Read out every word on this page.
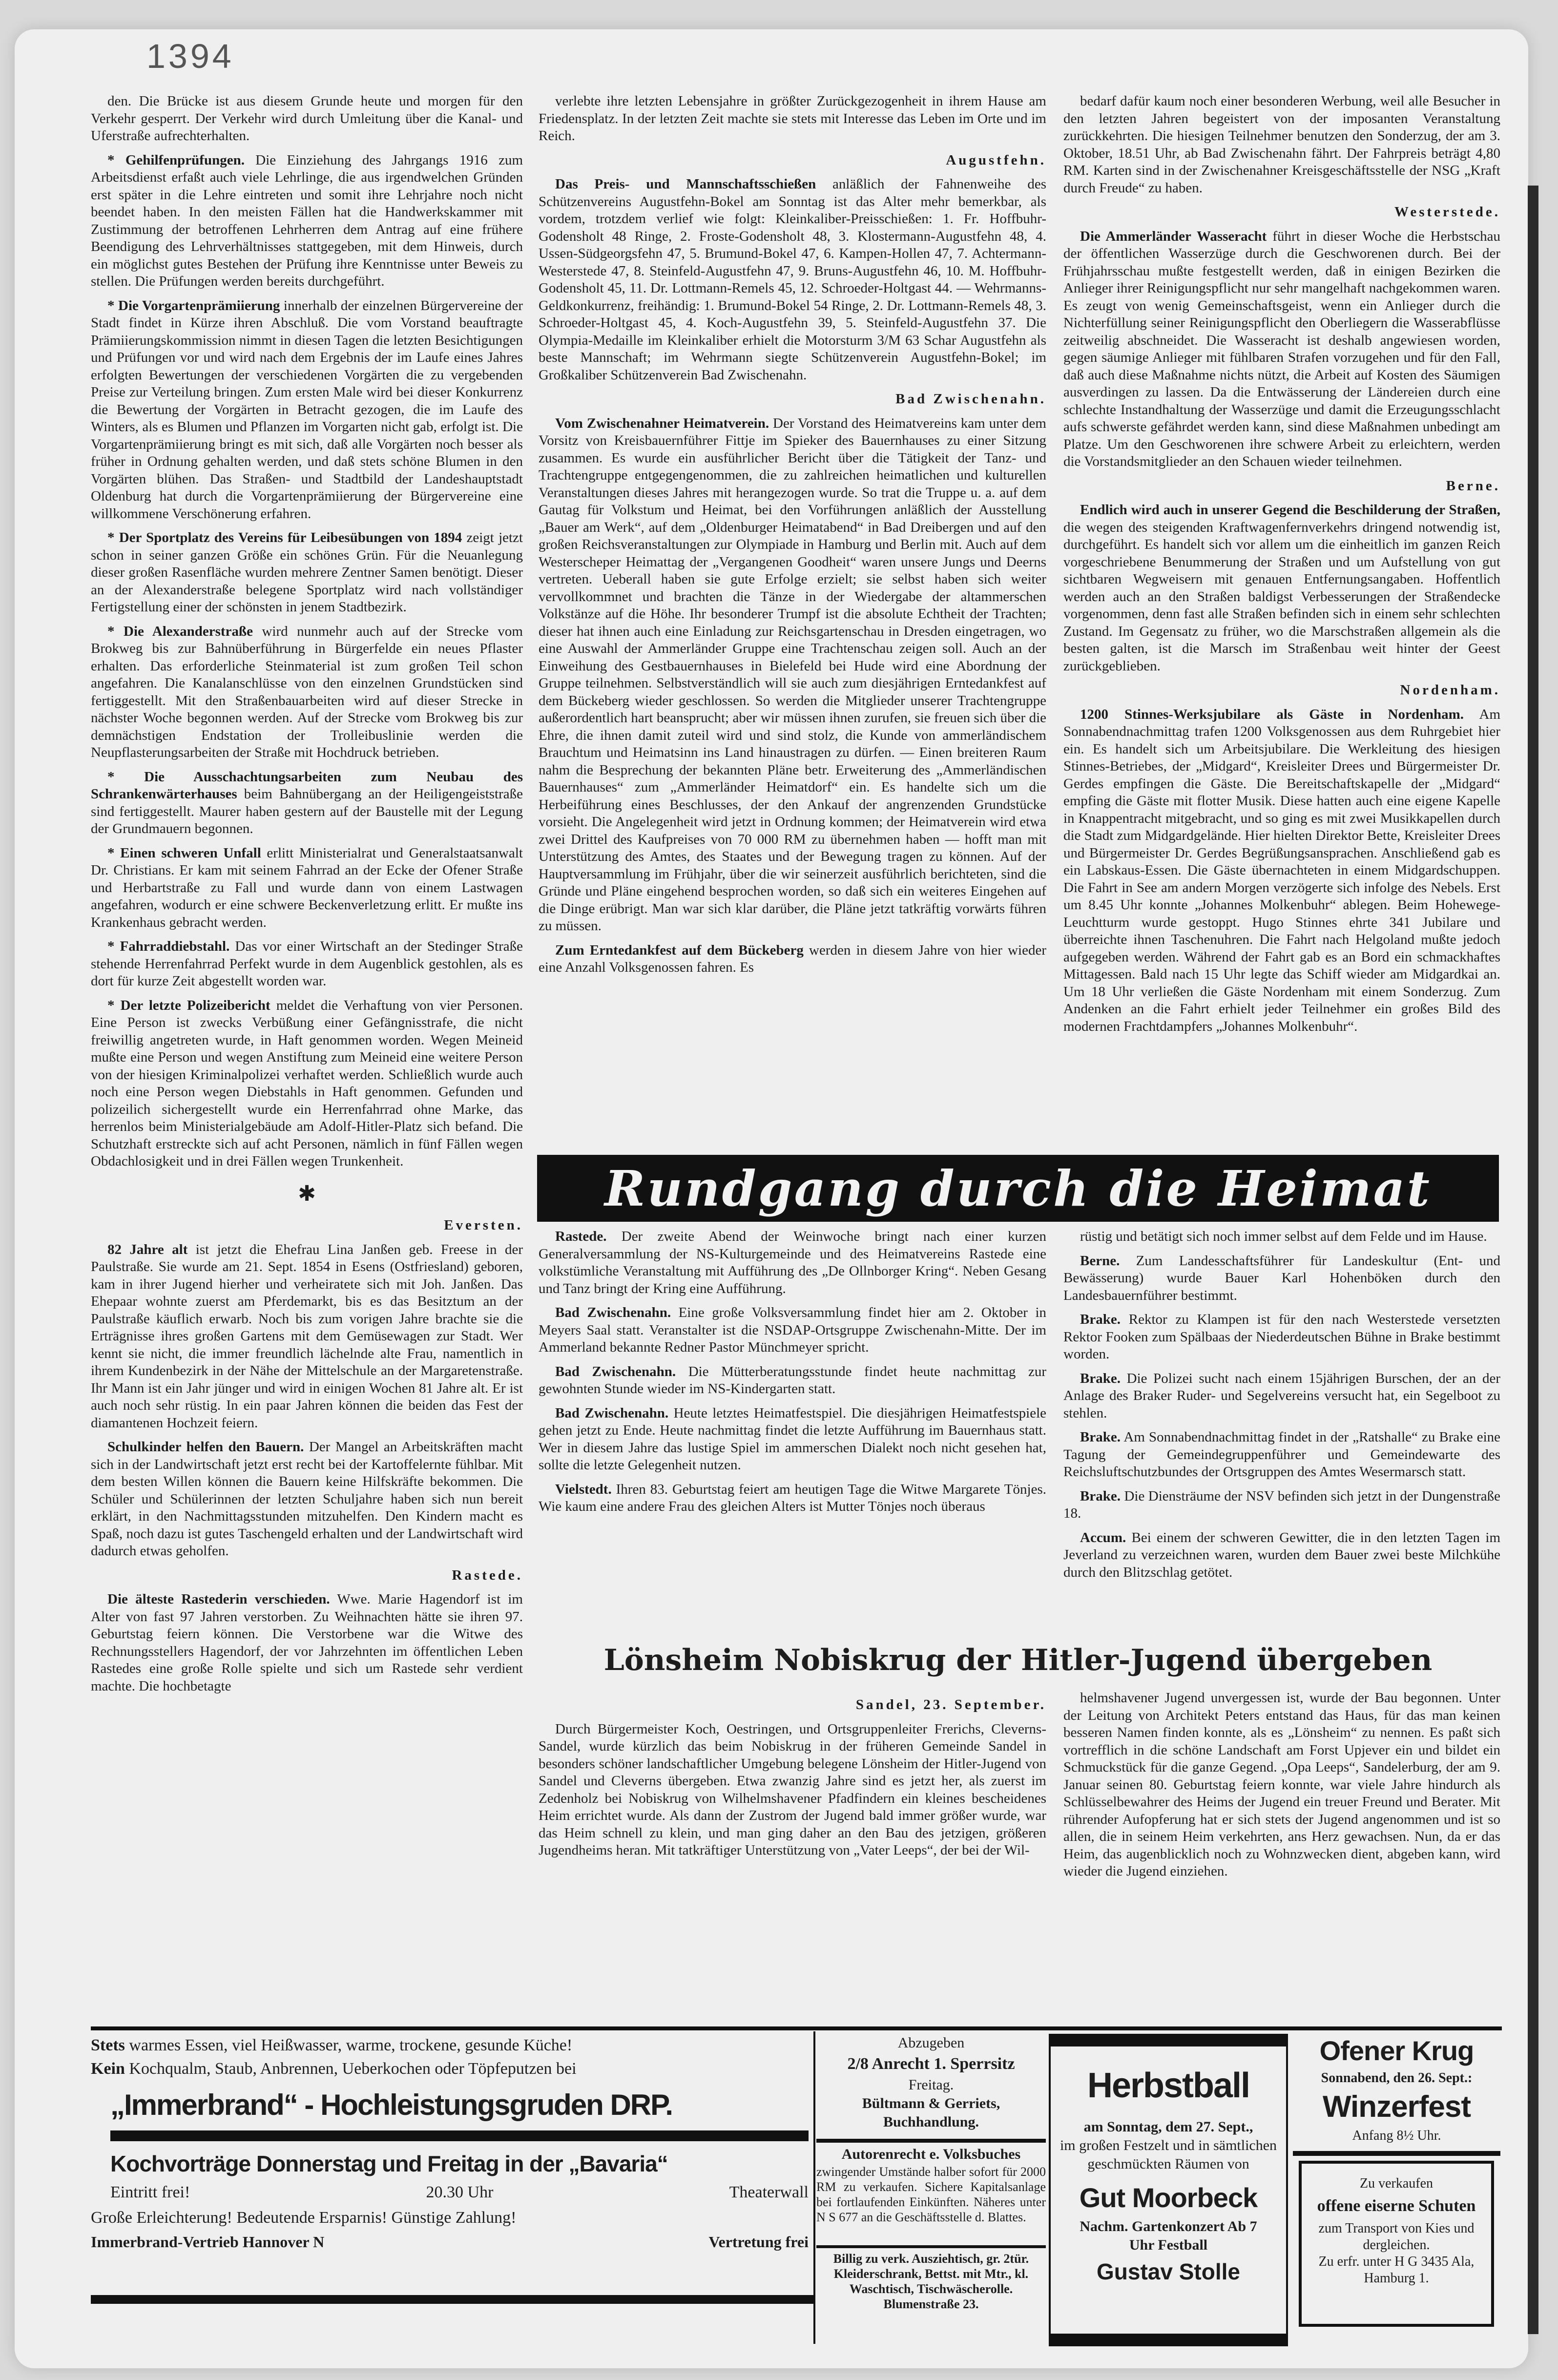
1394

den. Die Brücke ist aus diesem Grunde heute und morgen für den Verkehr gesperrt. Der Verkehr wird durch Umleitung über die Kanal- und Uferstraße aufrechterhalten.

* Gehilfenprüfungen. Die Einziehung des Jahrgangs 1916 zum Arbeitsdienst erfaßt auch viele Lehrlinge, die aus irgendwelchen Gründen erst später in die Lehre eintreten und somit ihre Lehrjahre noch nicht beendet haben. In den meisten Fällen hat die Handwerkskammer mit Zustimmung der betroffenen Lehrherren dem Antrag auf eine frühere Beendigung des Lehrverhältnisses stattgegeben, mit dem Hinweis, durch ein möglichst gutes Bestehen der Prüfung ihre Kenntnisse unter Beweis zu stellen. Die Prüfungen werden bereits durchgeführt.

* Die Vorgartenprämiierung innerhalb der einzelnen Bürgervereine der Stadt findet in Kürze ihren Abschluß. Die vom Vorstand beauftragte Prämiierungskommission nimmt in diesen Tagen die letzten Besichtigungen und Prüfungen vor und wird nach dem Ergebnis der im Laufe eines Jahres erfolgten Bewertungen der verschiedenen Vorgärten die zu vergebenden Preise zur Verteilung bringen. Zum ersten Male wird bei dieser Konkurrenz die Bewertung der Vorgärten in Betracht gezogen, die im Laufe des Winters, als es Blumen und Pflanzen im Vorgarten nicht gab, erfolgt ist. Die Vorgartenprämiierung bringt es mit sich, daß alle Vorgärten noch besser als früher in Ordnung gehalten werden, und daß stets schöne Blumen in den Vorgärten blühen. Das Straßen- und Stadtbild der Landeshauptstadt Oldenburg hat durch die Vorgartenprämiierung der Bürgervereine eine willkommene Verschönerung erfahren.

* Der Sportplatz des Vereins für Leibesübungen von 1894 zeigt jetzt schon in seiner ganzen Größe ein schönes Grün. Für die Neuanlegung dieser großen Rasenfläche wurden mehrere Zentner Samen benötigt. Dieser an der Alexanderstraße belegene Sportplatz wird nach vollständiger Fertigstellung einer der schönsten in jenem Stadtbezirk.

* Die Alexanderstraße wird nunmehr auch auf der Strecke vom Brokweg bis zur Bahnüberführung in Bürgerfelde ein neues Pflaster erhalten. Das erforderliche Steinmaterial ist zum großen Teil schon angefahren. Die Kanalanschlüsse von den einzelnen Grundstücken sind fertiggestellt. Mit den Straßenbauarbeiten wird auf dieser Strecke in nächster Woche begonnen werden. Auf der Strecke vom Brokweg bis zur demnächstigen Endstation der Trolleibuslinie werden die Neupflasterungsarbeiten der Straße mit Hochdruck betrieben.

* Die Ausschachtungsarbeiten zum Neubau des Schrankenwärterhauses beim Bahnübergang an der Heiligengeiststraße sind fertiggestellt. Maurer haben gestern auf der Baustelle mit der Legung der Grundmauern begonnen.

* Einen schweren Unfall erlitt Ministerialrat und Generalstaatsanwalt Dr. Christians. Er kam mit seinem Fahrrad an der Ecke der Ofener Straße und Herbartstraße zu Fall und wurde dann von einem Lastwagen angefahren, wodurch er eine schwere Beckenverletzung erlitt. Er mußte ins Krankenhaus gebracht werden.

* Fahrraddiebstahl. Das vor einer Wirtschaft an der Stedinger Straße stehende Herrenfahrrad Perfekt wurde in dem Augenblick gestohlen, als es dort für kurze Zeit abgestellt worden war.

* Der letzte Polizeibericht meldet die Verhaftung von vier Personen. Eine Person ist zwecks Verbüßung einer Gefängnisstrafe, die nicht freiwillig angetreten wurde, in Haft genommen worden. Wegen Meineid mußte eine Person und wegen Anstiftung zum Meineid eine weitere Person von der hiesigen Kriminalpolizei verhaftet werden. Schließlich wurde auch noch eine Person wegen Diebstahls in Haft genommen. Gefunden und polizeilich sichergestellt wurde ein Herrenfahrrad ohne Marke, das herrenlos beim Ministerialgebäude am Adolf-Hitler-Platz sich befand. Die Schutzhaft erstreckte sich auf acht Personen, nämlich in fünf Fällen wegen Obdachlosigkeit und in drei Fällen wegen Trunkenheit.

✱

Eversten.

82 Jahre alt ist jetzt die Ehefrau Lina Janßen geb. Freese in der Paulstraße. Sie wurde am 21. Sept. 1854 in Esens (Ostfriesland) geboren, kam in ihrer Jugend hierher und verheiratete sich mit Joh. Janßen. Das Ehepaar wohnte zuerst am Pferdemarkt, bis es das Besitztum an der Paulstraße käuflich erwarb. Noch bis zum vorigen Jahre brachte sie die Erträgnisse ihres großen Gartens mit dem Gemüsewagen zur Stadt. Wer kennt sie nicht, die immer freundlich lächelnde alte Frau, namentlich in ihrem Kundenbezirk in der Nähe der Mittelschule an der Margaretenstraße. Ihr Mann ist ein Jahr jünger und wird in einigen Wochen 81 Jahre alt. Er ist auch noch sehr rüstig. In ein paar Jahren können die beiden das Fest der diamantenen Hochzeit feiern.

Schulkinder helfen den Bauern. Der Mangel an Arbeitskräften macht sich in der Landwirtschaft jetzt erst recht bei der Kartoffelernte fühlbar. Mit dem besten Willen können die Bauern keine Hilfskräfte bekommen. Die Schüler und Schülerinnen der letzten Schuljahre haben sich nun bereit erklärt, in den Nachmittagsstunden mitzuhelfen. Den Kindern macht es Spaß, noch dazu ist gutes Taschengeld erhalten und der Landwirtschaft wird dadurch etwas geholfen.

Rastede.

Die älteste Rastederin verschieden. Wwe. Marie Hagendorf ist im Alter von fast 97 Jahren verstorben. Zu Weihnachten hätte sie ihren 97. Geburtstag feiern können. Die Verstorbene war die Witwe des Rechnungsstellers Hagendorf, der vor Jahrzehnten im öffentlichen Leben Rastedes eine große Rolle spielte und sich um Rastede sehr verdient machte. Die hochbetagte

verlebte ihre letzten Lebensjahre in größter Zurückgezogenheit in ihrem Hause am Friedensplatz. In der letzten Zeit machte sie stets mit Interesse das Leben im Orte und im Reich.

Augustfehn.

Das Preis- und Mannschaftsschießen anläßlich der Fahnenweihe des Schützenvereins Augustfehn-Bokel am Sonntag ist das Alter mehr bemerkbar, als vordem, trotzdem verlief wie folgt: Kleinkaliber-Preisschießen: 1. Fr. Hoffbuhr-Godensholt 48 Ringe, 2. Froste-Godensholt 48, 3. Klostermann-Augustfehn 48, 4. Ussen-Südgeorgsfehn 47, 5. Brumund-Bokel 47, 6. Kampen-Hollen 47, 7. Achtermann-Westerstede 47, 8. Steinfeld-Augustfehn 47, 9. Bruns-Augustfehn 46, 10. M. Hoffbuhr-Godensholt 45, 11. Dr. Lottmann-Remels 45, 12. Schroeder-Holtgast 44. — Wehrmanns-Geldkonkurrenz, freihändig: 1. Brumund-Bokel 54 Ringe, 2. Dr. Lottmann-Remels 48, 3. Schroeder-Holtgast 45, 4. Koch-Augustfehn 39, 5. Steinfeld-Augustfehn 37. Die Olympia-Medaille im Kleinkaliber erhielt die Motorsturm 3/M 63 Schar Augustfehn als beste Mannschaft; im Wehrmann siegte Schützenverein Augustfehn-Bokel; im Großkaliber Schützenverein Bad Zwischenahn.

Bad Zwischenahn.

Vom Zwischenahner Heimatverein. Der Vorstand des Heimatvereins kam unter dem Vorsitz von Kreisbauernführer Fittje im Spieker des Bauernhauses zu einer Sitzung zusammen. Es wurde ein ausführlicher Bericht über die Tätigkeit der Tanz- und Trachtengruppe entgegengenommen, die zu zahlreichen heimatlichen und kulturellen Veranstaltungen dieses Jahres mit herangezogen wurde. So trat die Truppe u. a. auf dem Gautag für Volkstum und Heimat, bei den Vorführungen anläßlich der Ausstellung „Bauer am Werk“, auf dem „Oldenburger Heimatabend“ in Bad Dreibergen und auf den großen Reichsveranstaltungen zur Olympiade in Hamburg und Berlin mit. Auch auf dem Westerscheper Heimattag der „Vergangenen Goodheit“ waren unsere Jungs und Deerns vertreten. Ueberall haben sie gute Erfolge erzielt; sie selbst haben sich weiter vervollkommnet und brachten die Tänze in der Wiedergabe der altammerschen Volkstänze auf die Höhe. Ihr besonderer Trumpf ist die absolute Echtheit der Trachten; dieser hat ihnen auch eine Einladung zur Reichsgartenschau in Dresden eingetragen, wo eine Auswahl der Ammerländer Gruppe eine Trachtenschau zeigen soll. Auch an der Einweihung des Gestbauernhauses in Bielefeld bei Hude wird eine Abordnung der Gruppe teilnehmen. Selbstverständlich will sie auch zum diesjährigen Erntedankfest auf dem Bückeberg wieder geschlossen. So werden die Mitglieder unserer Trachtengruppe außerordentlich hart beansprucht; aber wir müssen ihnen zurufen, sie freuen sich über die Ehre, die ihnen damit zuteil wird und sind stolz, die Kunde von ammerländischem Brauchtum und Heimatsinn ins Land hinaustragen zu dürfen. — Einen breiteren Raum nahm die Besprechung der bekannten Pläne betr. Erweiterung des „Ammerländischen Bauernhauses“ zum „Ammerländer Heimatdorf“ ein. Es handelte sich um die Herbeiführung eines Beschlusses, der den Ankauf der angrenzenden Grundstücke vorsieht. Die Angelegenheit wird jetzt in Ordnung kommen; der Heimatverein wird etwa zwei Drittel des Kaufpreises von 70 000 RM zu übernehmen haben — hofft man mit Unterstützung des Amtes, des Staates und der Bewegung tragen zu können. Auf der Hauptversammlung im Frühjahr, über die wir seinerzeit ausführlich berichteten, sind die Gründe und Pläne eingehend besprochen worden, so daß sich ein weiteres Eingehen auf die Dinge erübrigt. Man war sich klar darüber, die Pläne jetzt tatkräftig vorwärts führen zu müssen.

Zum Erntedankfest auf dem Bückeberg werden in diesem Jahre von hier wieder eine Anzahl Volksgenossen fahren. Es

bedarf dafür kaum noch einer besonderen Werbung, weil alle Besucher in den letzten Jahren begeistert von der imposanten Veranstaltung zurückkehrten. Die hiesigen Teilnehmer benutzen den Sonderzug, der am 3. Oktober, 18.51 Uhr, ab Bad Zwischenahn fährt. Der Fahrpreis beträgt 4,80 RM. Karten sind in der Zwischenahner Kreisgeschäftsstelle der NSG „Kraft durch Freude“ zu haben.

Westerstede.

Die Ammerländer Wasseracht führt in dieser Woche die Herbstschau der öffentlichen Wasserzüge durch die Geschworenen durch. Bei der Frühjahrsschau mußte festgestellt werden, daß in einigen Bezirken die Anlieger ihrer Reinigungspflicht nur sehr mangelhaft nachgekommen waren. Es zeugt von wenig Gemeinschaftsgeist, wenn ein Anlieger durch die Nichterfüllung seiner Reinigungspflicht den Oberliegern die Wasserabflüsse zeitweilig abschneidet. Die Wasseracht ist deshalb angewiesen worden, gegen säumige Anlieger mit fühlbaren Strafen vorzugehen und für den Fall, daß auch diese Maßnahme nichts nützt, die Arbeit auf Kosten des Säumigen ausverdingen zu lassen. Da die Entwässerung der Ländereien durch eine schlechte Instandhaltung der Wasserzüge und damit die Erzeugungsschlacht aufs schwerste gefährdet werden kann, sind diese Maßnahmen unbedingt am Platze. Um den Geschworenen ihre schwere Arbeit zu erleichtern, werden die Vorstandsmitglieder an den Schauen wieder teilnehmen.

Berne.

Endlich wird auch in unserer Gegend die Beschilderung der Straßen, die wegen des steigenden Kraftwagenfernverkehrs dringend notwendig ist, durchgeführt. Es handelt sich vor allem um die einheitlich im ganzen Reich vorgeschriebene Benummerung der Straßen und um Aufstellung von gut sichtbaren Wegweisern mit genauen Entfernungsangaben. Hoffentlich werden auch an den Straßen baldigst Verbesserungen der Straßendecke vorgenommen, denn fast alle Straßen befinden sich in einem sehr schlechten Zustand. Im Gegensatz zu früher, wo die Marschstraßen allgemein als die besten galten, ist die Marsch im Straßenbau weit hinter der Geest zurückgeblieben.

Nordenham.

1200 Stinnes-Werksjubilare als Gäste in Nordenham. Am Sonnabendnachmittag trafen 1200 Volksgenossen aus dem Ruhrgebiet hier ein. Es handelt sich um Arbeitsjubilare. Die Werkleitung des hiesigen Stinnes-Betriebes, der „Midgard“, Kreisleiter Drees und Bürgermeister Dr. Gerdes empfingen die Gäste. Die Bereitschaftskapelle der „Midgard“ empfing die Gäste mit flotter Musik. Diese hatten auch eine eigene Kapelle in Knappentracht mitgebracht, und so ging es mit zwei Musikkapellen durch die Stadt zum Midgardgelände. Hier hielten Direktor Bette, Kreisleiter Drees und Bürgermeister Dr. Gerdes Begrüßungsansprachen. Anschließend gab es ein Labskaus-Essen. Die Gäste übernachteten in einem Midgardschuppen. Die Fahrt in See am andern Morgen verzögerte sich infolge des Nebels. Erst um 8.45 Uhr konnte „Johannes Molkenbuhr“ ablegen. Beim Hohewege-Leuchtturm wurde gestoppt. Hugo Stinnes ehrte 341 Jubilare und überreichte ihnen Taschenuhren. Die Fahrt nach Helgoland mußte jedoch aufgegeben werden. Während der Fahrt gab es an Bord ein schmackhaftes Mittagessen. Bald nach 15 Uhr legte das Schiff wieder am Midgardkai an. Um 18 Uhr verließen die Gäste Nordenham mit einem Sonderzug. Zum Andenken an die Fahrt erhielt jeder Teilnehmer ein großes Bild des modernen Frachtdampfers „Johannes Molkenbuhr“.

Rundgang durch die Heimat

Rastede. Der zweite Abend der Weinwoche bringt nach einer kurzen Generalversammlung der NS-Kulturgemeinde und des Heimatvereins Rastede eine volkstümliche Veranstaltung mit Aufführung des „De Ollnborger Kring“. Neben Gesang und Tanz bringt der Kring eine Aufführung.

Bad Zwischenahn. Eine große Volksversammlung findet hier am 2. Oktober in Meyers Saal statt. Veranstalter ist die NSDAP-Ortsgruppe Zwischenahn-Mitte. Der im Ammerland bekannte Redner Pastor Münchmeyer spricht.

Bad Zwischenahn. Die Mütterberatungsstunde findet heute nachmittag zur gewohnten Stunde wieder im NS-Kindergarten statt.

Bad Zwischenahn. Heute letztes Heimatfestspiel. Die diesjährigen Heimatfestspiele gehen jetzt zu Ende. Heute nachmittag findet die letzte Aufführung im Bauernhaus statt. Wer in diesem Jahre das lustige Spiel im ammerschen Dialekt noch nicht gesehen hat, sollte die letzte Gelegenheit nutzen.

Vielstedt. Ihren 83. Geburtstag feiert am heutigen Tage die Witwe Margarete Tönjes. Wie kaum eine andere Frau des gleichen Alters ist Mutter Tönjes noch überaus

rüstig und betätigt sich noch immer selbst auf dem Felde und im Hause.

Berne. Zum Landesschaftsführer für Landeskultur (Ent- und Bewässerung) wurde Bauer Karl Hohenböken durch den Landesbauernführer bestimmt.

Brake. Rektor zu Klampen ist für den nach Westerstede versetzten Rektor Fooken zum Spälbaas der Niederdeutschen Bühne in Brake bestimmt worden.

Brake. Die Polizei sucht nach einem 15jährigen Burschen, der an der Anlage des Braker Ruder- und Segelvereins versucht hat, ein Segelboot zu stehlen.

Brake. Am Sonnabendnachmittag findet in der „Ratshalle“ zu Brake eine Tagung der Gemeindegruppenführer und Gemeindewarte des Reichsluftschutzbundes der Ortsgruppen des Amtes Wesermarsch statt.

Brake. Die Diensträume der NSV befinden sich jetzt in der Dungenstraße 18.

Accum. Bei einem der schweren Gewitter, die in den letzten Tagen im Jeverland zu verzeichnen waren, wurden dem Bauer zwei beste Milchkühe durch den Blitzschlag getötet.

Lönsheim Nobiskrug der Hitler-Jugend übergeben

Sandel, 23. September.

Durch Bürgermeister Koch, Oestringen, und Ortsgruppenleiter Frerichs, Cleverns-Sandel, wurde kürzlich das beim Nobiskrug in der früheren Gemeinde Sandel in besonders schöner landschaftlicher Umgebung belegene Lönsheim der Hitler-Jugend von Sandel und Cleverns übergeben. Etwa zwanzig Jahre sind es jetzt her, als zuerst im Zedenholz bei Nobiskrug von Wilhelmshavener Pfadfindern ein kleines bescheidenes Heim errichtet wurde. Als dann der Zustrom der Jugend bald immer größer wurde, war das Heim schnell zu klein, und man ging daher an den Bau des jetzigen, größeren Jugendheims heran. Mit tatkräftiger Unterstützung von „Vater Leeps“, der bei der Wil-

helmshavener Jugend unvergessen ist, wurde der Bau begonnen. Unter der Leitung von Architekt Peters entstand das Haus, für das man keinen besseren Namen finden konnte, als es „Lönsheim“ zu nennen. Es paßt sich vortrefflich in die schöne Landschaft am Forst Upjever ein und bildet ein Schmuckstück für die ganze Gegend. „Opa Leeps“, Sandelerburg, der am 9. Januar seinen 80. Geburtstag feiern konnte, war viele Jahre hindurch als Schlüsselbewahrer des Heims der Jugend ein treuer Freund und Berater. Mit rührender Aufopferung hat er sich stets der Jugend angenommen und ist so allen, die in seinem Heim verkehrten, ans Herz gewachsen. Nun, da er das Heim, das augenblicklich noch zu Wohnzwecken dient, abgeben kann, wird wieder die Jugend einziehen.

Stets warmes Essen, viel Heißwasser, warme, trockene, gesunde Küche!
Kein Kochqualm, Staub, Anbrennen, Ueberkochen oder Töpfeputzen bei
„Immerbrand“ - Hochleistungsgruden DRP.
Kochvorträge Donnerstag und Freitag in der „Bavaria“
Eintritt frei!	20.30 Uhr	Theaterwall
Große Erleichterung! Bedeutende Ersparnis! Günstige Zahlung!
Immerbrand-Vertrieb Hannover N	Vertretung frei
Abzugeben
2/8 Anrecht 1. Sperrsitz
Freitag.
Bültmann & Gerriets, Buchhandlung.
Autorenrecht e. Volksbuches
zwingender Umstände halber sofort für 2000 RM zu verkaufen. Sichere Kapitalsanlage bei fortlaufenden Einkünften. Näheres unter N S 677 an die Geschäftsstelle d. Blattes.
Billig zu verk. Ausziehtisch, gr. 2tür. Kleiderschrank, Bettst. mit Mtr., kl. Waschtisch, Tischwäscherolle. Blumenstraße 23.
Herbstball
am Sonntag, dem 27. Sept.,
im großen Festzelt und in sämtlichen geschmückten Räumen von
Gut Moorbeck
Nachm. Gartenkonzert Ab 7 Uhr Festball
Gustav Stolle
Ofener Krug
Sonnabend, den 26. Sept.:
Winzerfest
Anfang 8½ Uhr.
Zu verkaufen
offene eiserne Schuten
zum Transport von Kies und dergleichen.
Zu erfr. unter H G 3435 Ala, Hamburg 1.
